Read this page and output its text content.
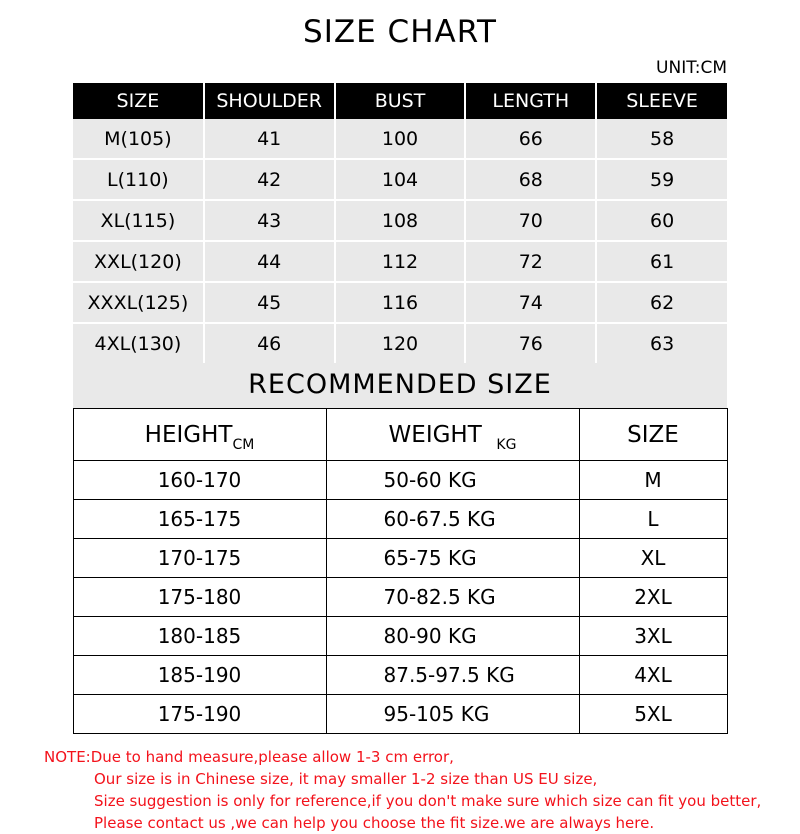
SIZE CHART
UNIT:CM
SIZE	SHOULDER	BUST	LENGTH	SLEEVE
M(105)	41	100	66	58
L(110)	42	104	68	59
XL(115)	43	108	70	60
XXL(120)	44	112	72	61
XXXL(125)	45	116	74	62
4XL(130)	46	120	76	63
RECOMMENDED SIZE
$HEIGHT_{CM}$	WEIGHT $_{KG}$	SIZE
160-170	50-60 KG	M
165-175	60-67.5 KG	L
170-175	65-75 KG	XL
175-180	70-82.5 KG	2XL
180-185	80-90 KG	3XL
185-190	87.5-97.5 KG	4XL
175-190	95-105 KG	5XL
NOTE:Due to hand measure,please allow 1-3 cm error,
Our size is in Chinese size, it may smaller 1-2 size than US EU size,
Size suggestion is only for reference,if you don't make sure which size can fit you better,
Please contact us ,we can help you choose the fit size.we are always here.
